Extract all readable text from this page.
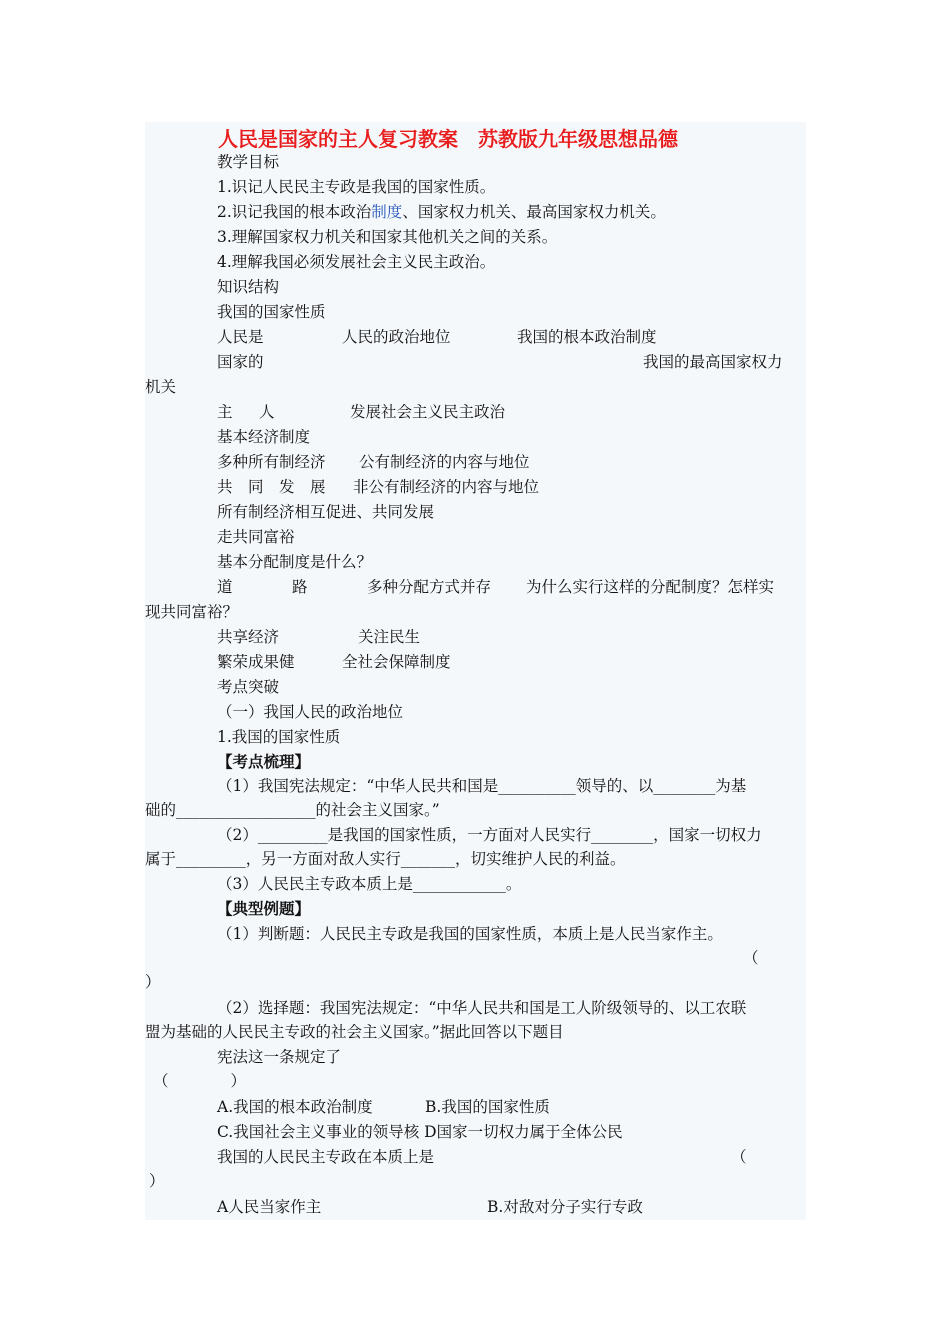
人民是国家的主人复习教案　苏教版九年级思想品德
教学目标
1.识记人民民主专政是我国的国家性质。
2.识记我国的根本政治制度、国家权力机关、最高国家权力机关。
3.理解国家权力机关和国家其他机关之间的关系。
4.理解我国必须发展社会主义民主政治。
知识结构
我国的国家性质
人民是	人民的政治地位	我国的根本政治制度
国家的	我国的最高国家权力
机关
主 人	发展社会主义民主政治
基本经济制度
多种所有制经济 公有制经济的内容与地位
共　同　发　展 非公有制经济的内容与地位
所有制经济相互促进、共同发展
走共同富裕
基本分配制度是什么？
道	路	多种分配方式并存 为什么实行这样的分配制度？怎样实
现共同富裕？
共享经济	关注民生
繁荣成果健	全社会保障制度
考点突破
（一）我国人民的政治地位
1.我国的国家性质
【考点梳理】
（1）我国宪法规定：“中华人民共和国是__________领导的、以________为基
础的__________________的社会主义国家。”
（2）_________是我国的国家性质，一方面对人民实行________，国家一切权力
属于_________，另一方面对敌人实行_______，切实维护人民的利益。
（3）人民民主专政本质上是____________。
【典型例题】
（1）判断题：人民民主专政是我国的国家性质，本质上是人民当家作主。
（
）
（2）选择题：我国宪法规定：“中华人民共和国是工人阶级领导的、以工农联
盟为基础的人民民主专政的社会主义国家。”据此回答以下题目
宪法这一条规定了
（　　　　）
A.我国的根本政治制度	B.我国的国家性质
C.我国社会主义事业的领导核 D国家一切权力属于全体公民
我国的人民民主专政在本质上是	（
）
A人民当家作主	B.对敌对分子实行专政
